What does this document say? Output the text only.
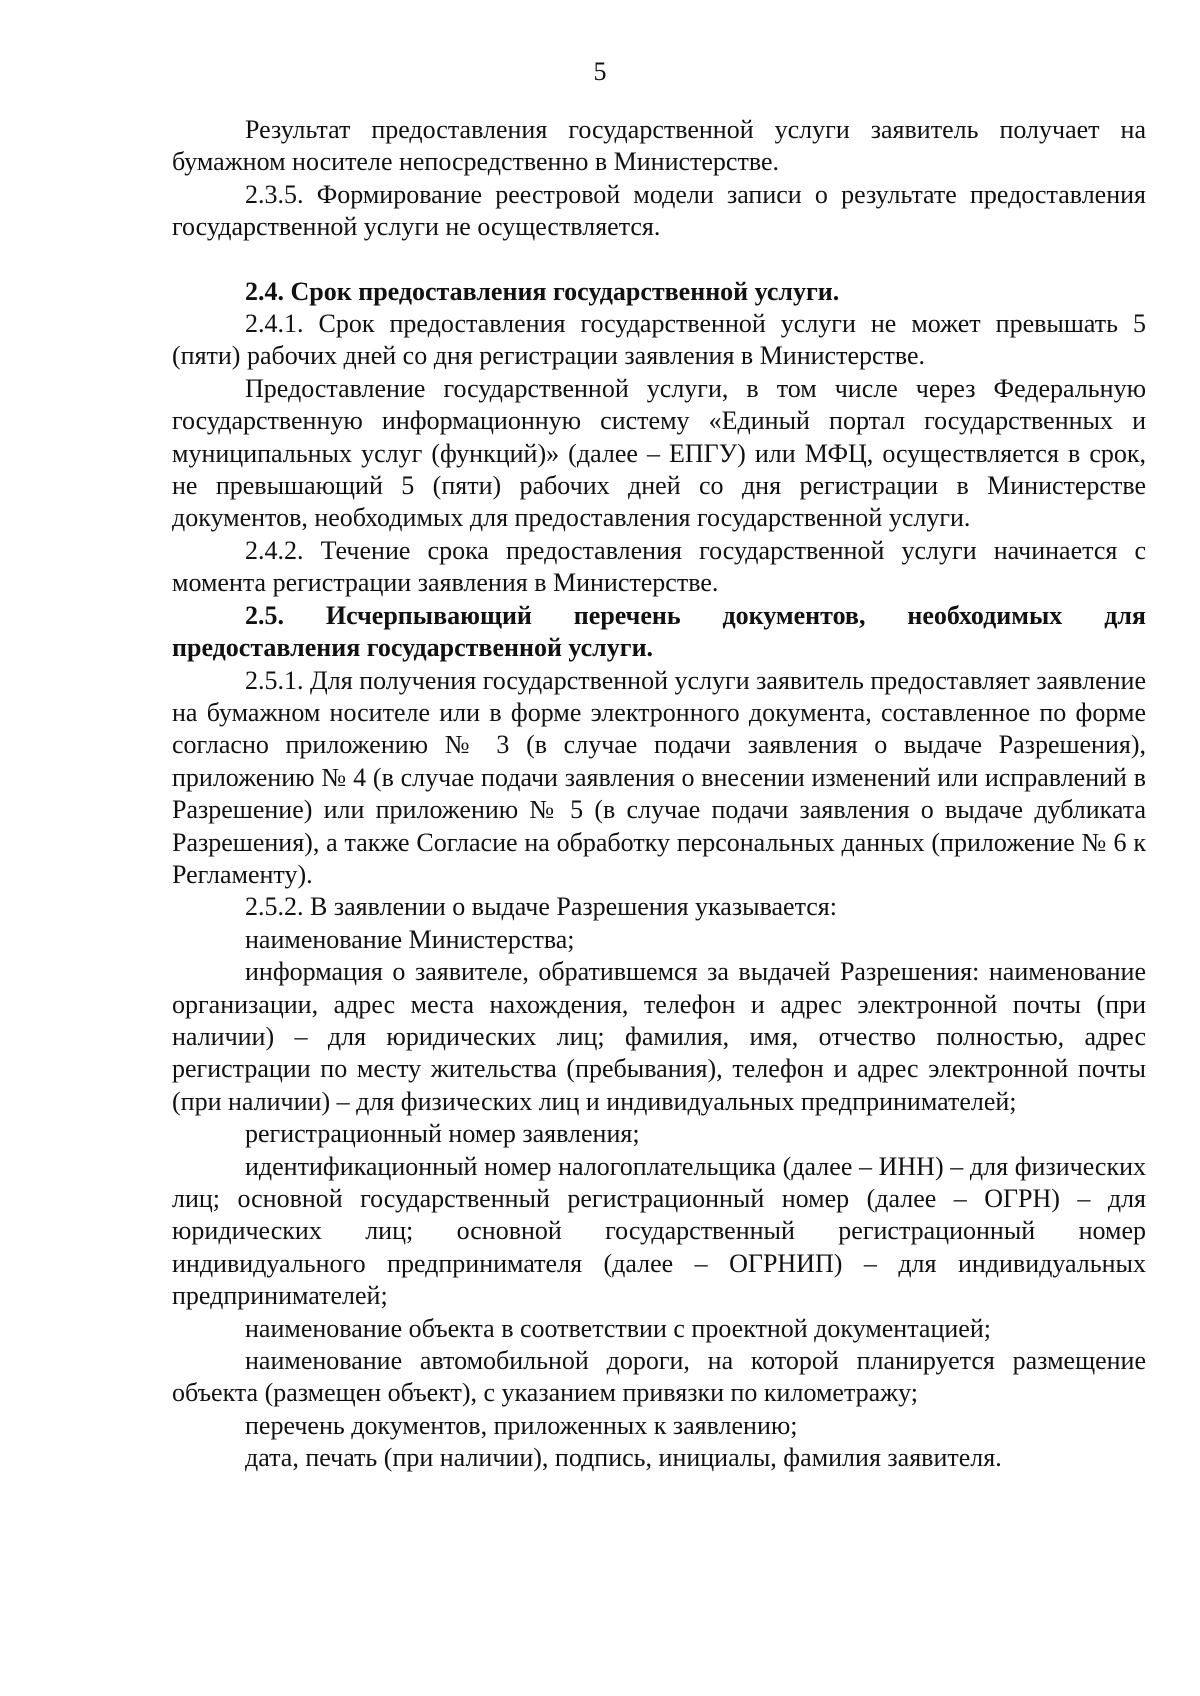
5

Результат предоставления государственной услуги заявитель получает на бумажном носителе непосредственно в Министерстве.

2.3.5. Формирование реестровой модели записи о результате предоставления государственной услуги не осуществляется.

2.4. Срок предоставления государственной услуги.

2.4.1. Срок предоставления государственной услуги не может превышать 5 (пяти) рабочих дней со дня регистрации заявления в Министерстве.

Предоставление государственной услуги, в том числе через Федеральную государственную информационную систему «Единый портал государственных и муниципальных услуг (функций)» (далее – ЕПГУ) или МФЦ, осуществляется в срок, не превышающий 5 (пяти) рабочих дней со дня регистрации в Министерстве документов, необходимых для предоставления государственной услуги.

2.4.2. Течение срока предоставления государственной услуги начинается с момента регистрации заявления в Министерстве.

2.5. Исчерпывающий перечень документов, необходимых для предоставления государственной услуги.

2.5.1. Для получения государственной услуги заявитель предоставляет заявление на бумажном носителе или в форме электронного документа, составленное по форме согласно приложению № 3 (в случае подачи заявления о выдаче Разрешения), приложению № 4 (в случае подачи заявления о внесении изменений или исправлений в Разрешение) или приложению № 5 (в случае подачи заявления о выдаче дубликата Разрешения), а также Согласие на обработку персональных данных (приложение № 6 к Регламенту).

2.5.2. В заявлении о выдаче Разрешения указывается:

наименование Министерства;

информация о заявителе, обратившемся за выдачей Разрешения: наименование организации, адрес места нахождения, телефон и адрес электронной почты (при наличии) – для юридических лиц; фамилия, имя, отчество полностью, адрес регистрации по месту жительства (пребывания), телефон и адрес электронной почты (при наличии) – для физических лиц и индивидуальных предпринимателей;

регистрационный номер заявления;

идентификационный номер налогоплательщика (далее – ИНН) – для физических лиц; основной государственный регистрационный номер (далее – ОГРН) – для юридических лиц; основной государственный регистрационный номер индивидуального предпринимателя (далее – ОГРНИП) – для индивидуальных предпринимателей;

наименование объекта в соответствии с проектной документацией;

наименование автомобильной дороги, на которой планируется размещение объекта (размещен объект), с указанием привязки по километражу;

перечень документов, приложенных к заявлению;

дата, печать (при наличии), подпись, инициалы, фамилия заявителя.
